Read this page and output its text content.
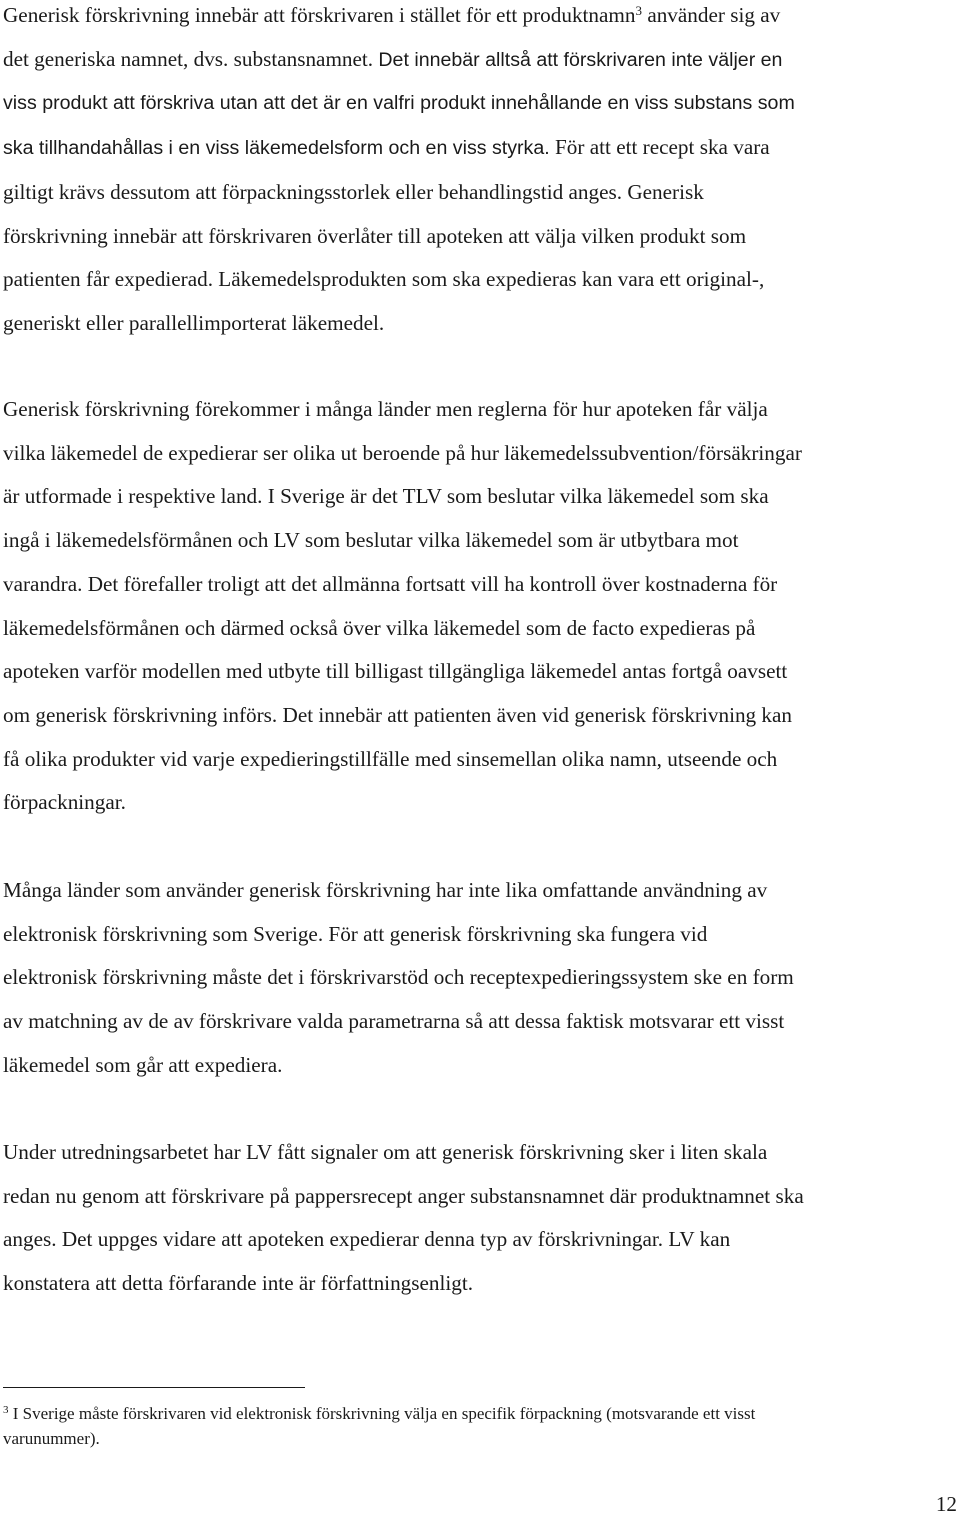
Generisk förskrivning innebär att förskrivaren i stället för ett produktnamn$^3$ använder sig av
det generiska namnet, dvs. substansnamnet. Det innebär alltså att förskrivaren inte väljer en
viss produkt att förskriva utan att det är en valfri produkt innehållande en viss substans som
ska tillhandahållas i en viss läkemedelsform och en viss styrka. För att ett recept ska vara
giltigt krävs dessutom att förpackningsstorlek eller behandlingstid anges. Generisk
förskrivning innebär att förskrivaren överlåter till apoteken att välja vilken produkt som
patienten får expedierad. Läkemedelsprodukten som ska expedieras kan vara ett original-,
generiskt eller parallellimporterat läkemedel.

Generisk förskrivning förekommer i många länder men reglerna för hur apoteken får välja
vilka läkemedel de expedierar ser olika ut beroende på hur läkemedelssubvention/försäkringar
är utformade i respektive land. I Sverige är det TLV som beslutar vilka läkemedel som ska
ingå i läkemedelsförmånen och LV som beslutar vilka läkemedel som är utbytbara mot
varandra. Det förefaller troligt att det allmänna fortsatt vill ha kontroll över kostnaderna för
läkemedelsförmånen och därmed också över vilka läkemedel som de facto expedieras på
apoteken varför modellen med utbyte till billigast tillgängliga läkemedel antas fortgå oavsett
om generisk förskrivning införs. Det innebär att patienten även vid generisk förskrivning kan
få olika produkter vid varje expedieringstillfälle med sinsemellan olika namn, utseende och
förpackningar.

Många länder som använder generisk förskrivning har inte lika omfattande användning av
elektronisk förskrivning som Sverige. För att generisk förskrivning ska fungera vid
elektronisk förskrivning måste det i förskrivarstöd och receptexpedieringssystem ske en form
av matchning av de av förskrivare valda parametrarna så att dessa faktisk motsvarar ett visst
läkemedel som går att expediera.

Under utredningsarbetet har LV fått signaler om att generisk förskrivning sker i liten skala
redan nu genom att förskrivare på pappersrecept anger substansnamnet där produktnamnet ska
anges. Det uppges vidare att apoteken expedierar denna typ av förskrivningar. LV kan
konstatera att detta förfarande inte är författningsenligt.

$^3$ I Sverige måste förskrivaren vid elektronisk förskrivning välja en specifik förpackning (motsvarande ett visst
varunummer).
12
